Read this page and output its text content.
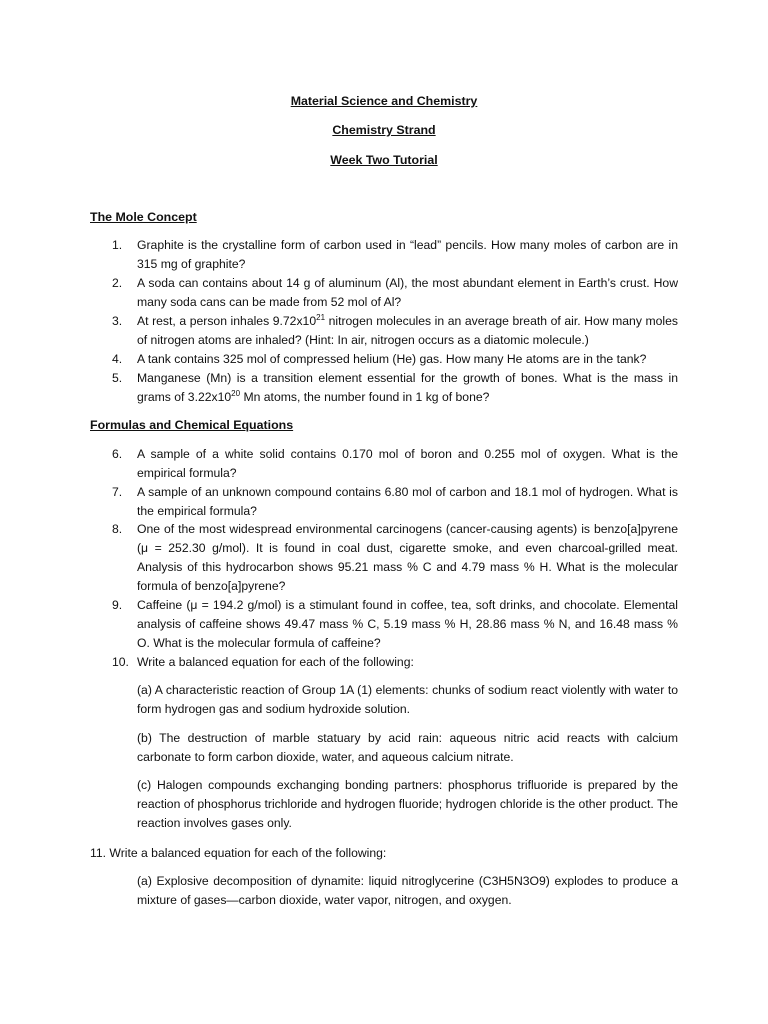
Material Science and Chemistry
Chemistry Strand
Week Two Tutorial
The Mole Concept
1.	Graphite is the crystalline form of carbon used in “lead” pencils. How many moles of carbon are in 315 mg of graphite?
2.	A soda can contains about 14 g of aluminum (Al), the most abundant element in Earth’s crust. How many soda cans can be made from 52 mol of Al?
3.	At rest, a person inhales $9.72x10^{21}$ nitrogen molecules in an average breath of air. How many moles of nitrogen atoms are inhaled? (Hint: In air, nitrogen occurs as a diatomic molecule.)
4.	A tank contains 325 mol of compressed helium (He) gas. How many He atoms are in the tank?
5.	Manganese (Mn) is a transition element essential for the growth of bones. What is the mass in grams of $3.22x10^{20}$ Mn atoms, the number found in 1 kg of bone?
Formulas and Chemical Equations
6.	A sample of a white solid contains 0.170 mol of boron and 0.255 mol of oxygen. What is the empirical formula?
7.	A sample of an unknown compound contains 6.80 mol of carbon and 18.1 mol of hydrogen. What is the empirical formula?
8.	One of the most widespread environmental carcinogens (cancer-causing agents) is benzo[a]pyrene (μ = 252.30 g/mol). It is found in coal dust, cigarette smoke, and even charcoal-grilled meat. Analysis of this hydrocarbon shows 95.21 mass % C and 4.79 mass % H. What is the molecular formula of benzo[a]pyrene?
9.	Caffeine (μ = 194.2 g/mol) is a stimulant found in coffee, tea, soft drinks, and chocolate. Elemental analysis of caffeine shows 49.47 mass % C, 5.19 mass % H, 28.86 mass % N, and 16.48 mass % O. What is the molecular formula of caffeine?
10. Write a balanced equation for each of the following:
(a) A characteristic reaction of Group 1A (1) elements: chunks of sodium react violently with water to form hydrogen gas and sodium hydroxide solution.
(b) The destruction of marble statuary by acid rain: aqueous nitric acid reacts with calcium carbonate to form carbon dioxide, water, and aqueous calcium nitrate.
(c) Halogen compounds exchanging bonding partners: phosphorus trifluoride is prepared by the reaction of phosphorus trichloride and hydrogen fluoride; hydrogen chloride is the other product. The reaction involves gases only.
11. Write a balanced equation for each of the following:
(a) Explosive decomposition of dynamite: liquid nitroglycerine (C3H5N3O9) explodes to produce a mixture of gases—carbon dioxide, water vapor, nitrogen, and oxygen.
